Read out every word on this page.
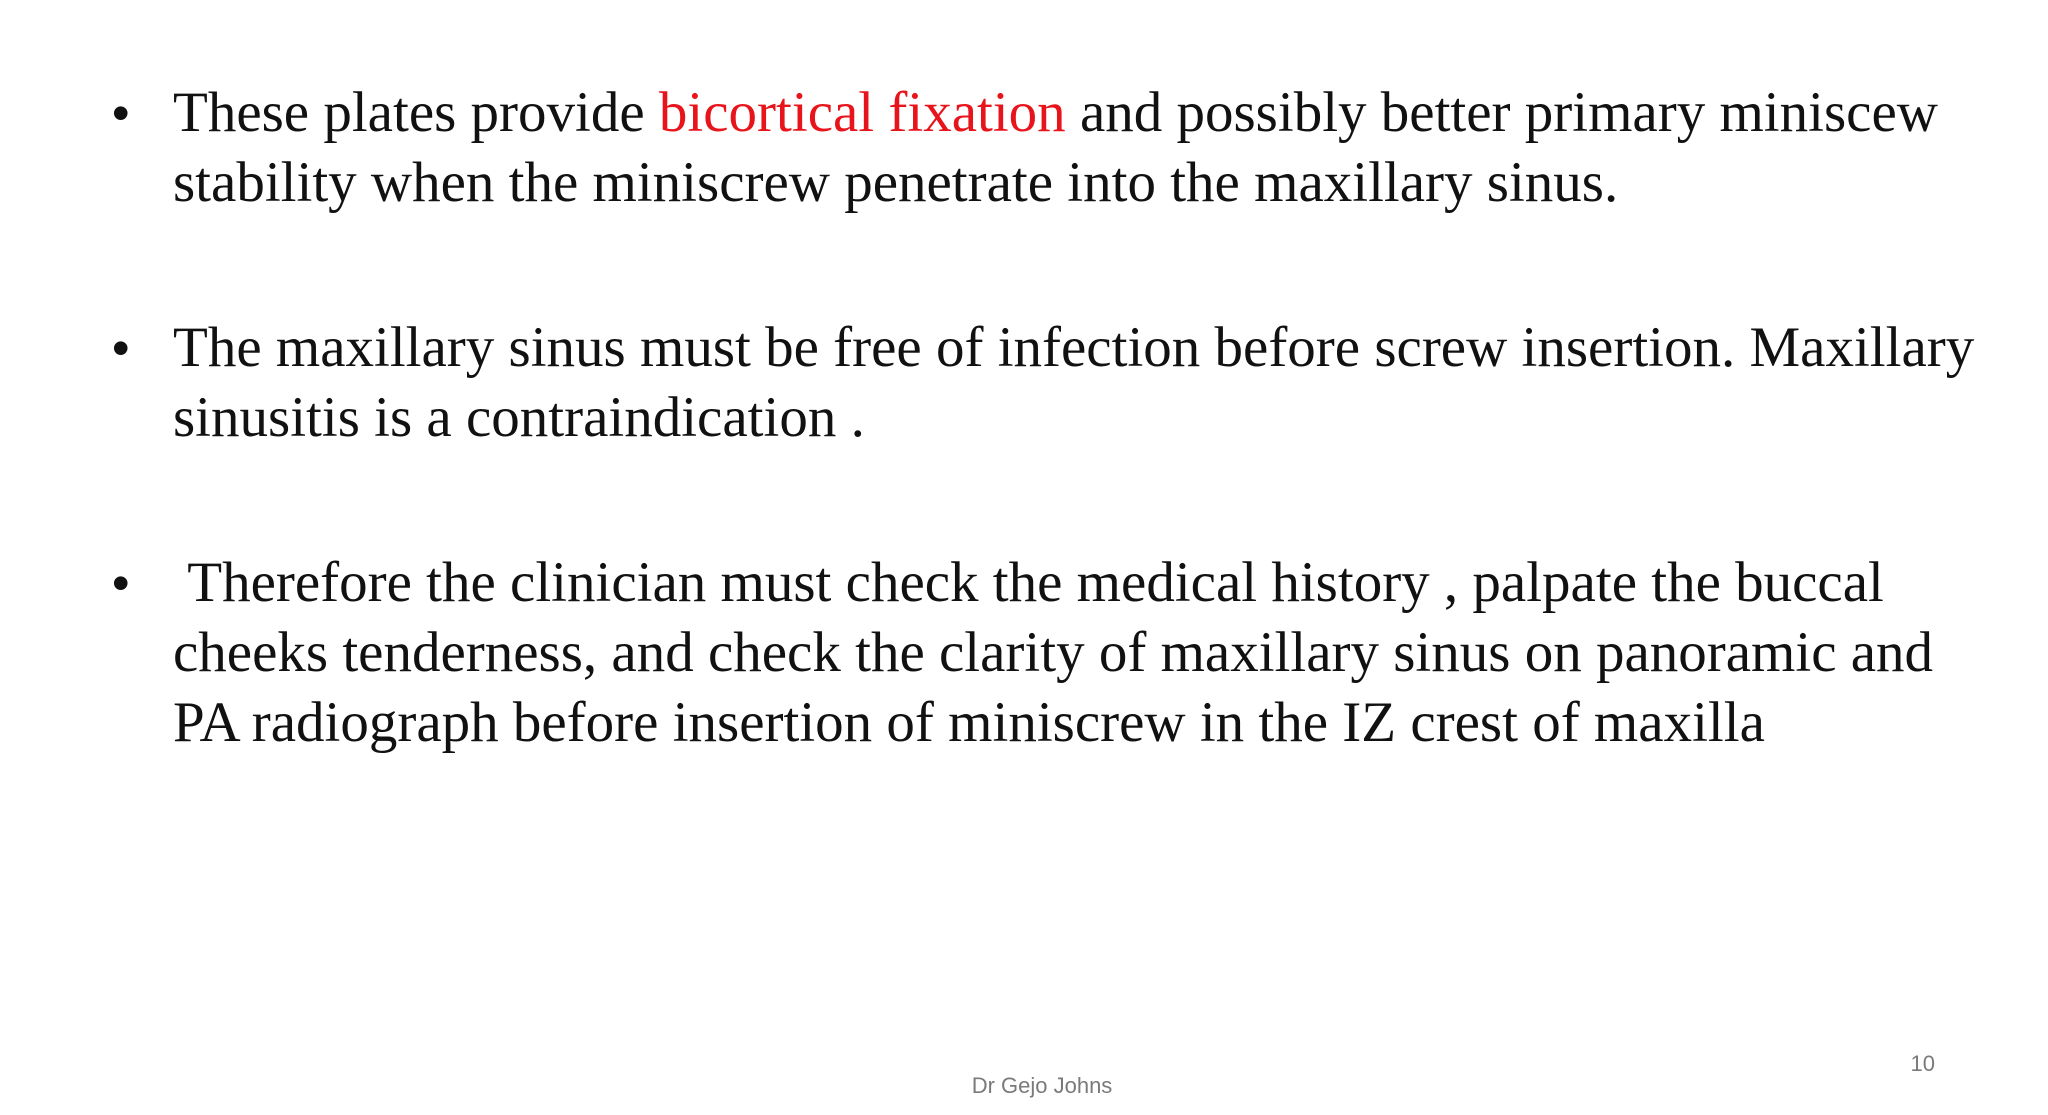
• These plates provide bicortical fixation and possibly better primary miniscew stability when the miniscrew penetrate into the maxillary sinus.
• The maxillary sinus must be free of infection before screw insertion. Maxillary sinusitis is a contraindication .
• Therefore the clinician must check the medical history , palpate the buccal cheeks tenderness, and check the clarity of maxillary sinus on panoramic and PA radiograph before insertion of miniscrew in the IZ crest of maxilla
Dr Gejo Johns
10
